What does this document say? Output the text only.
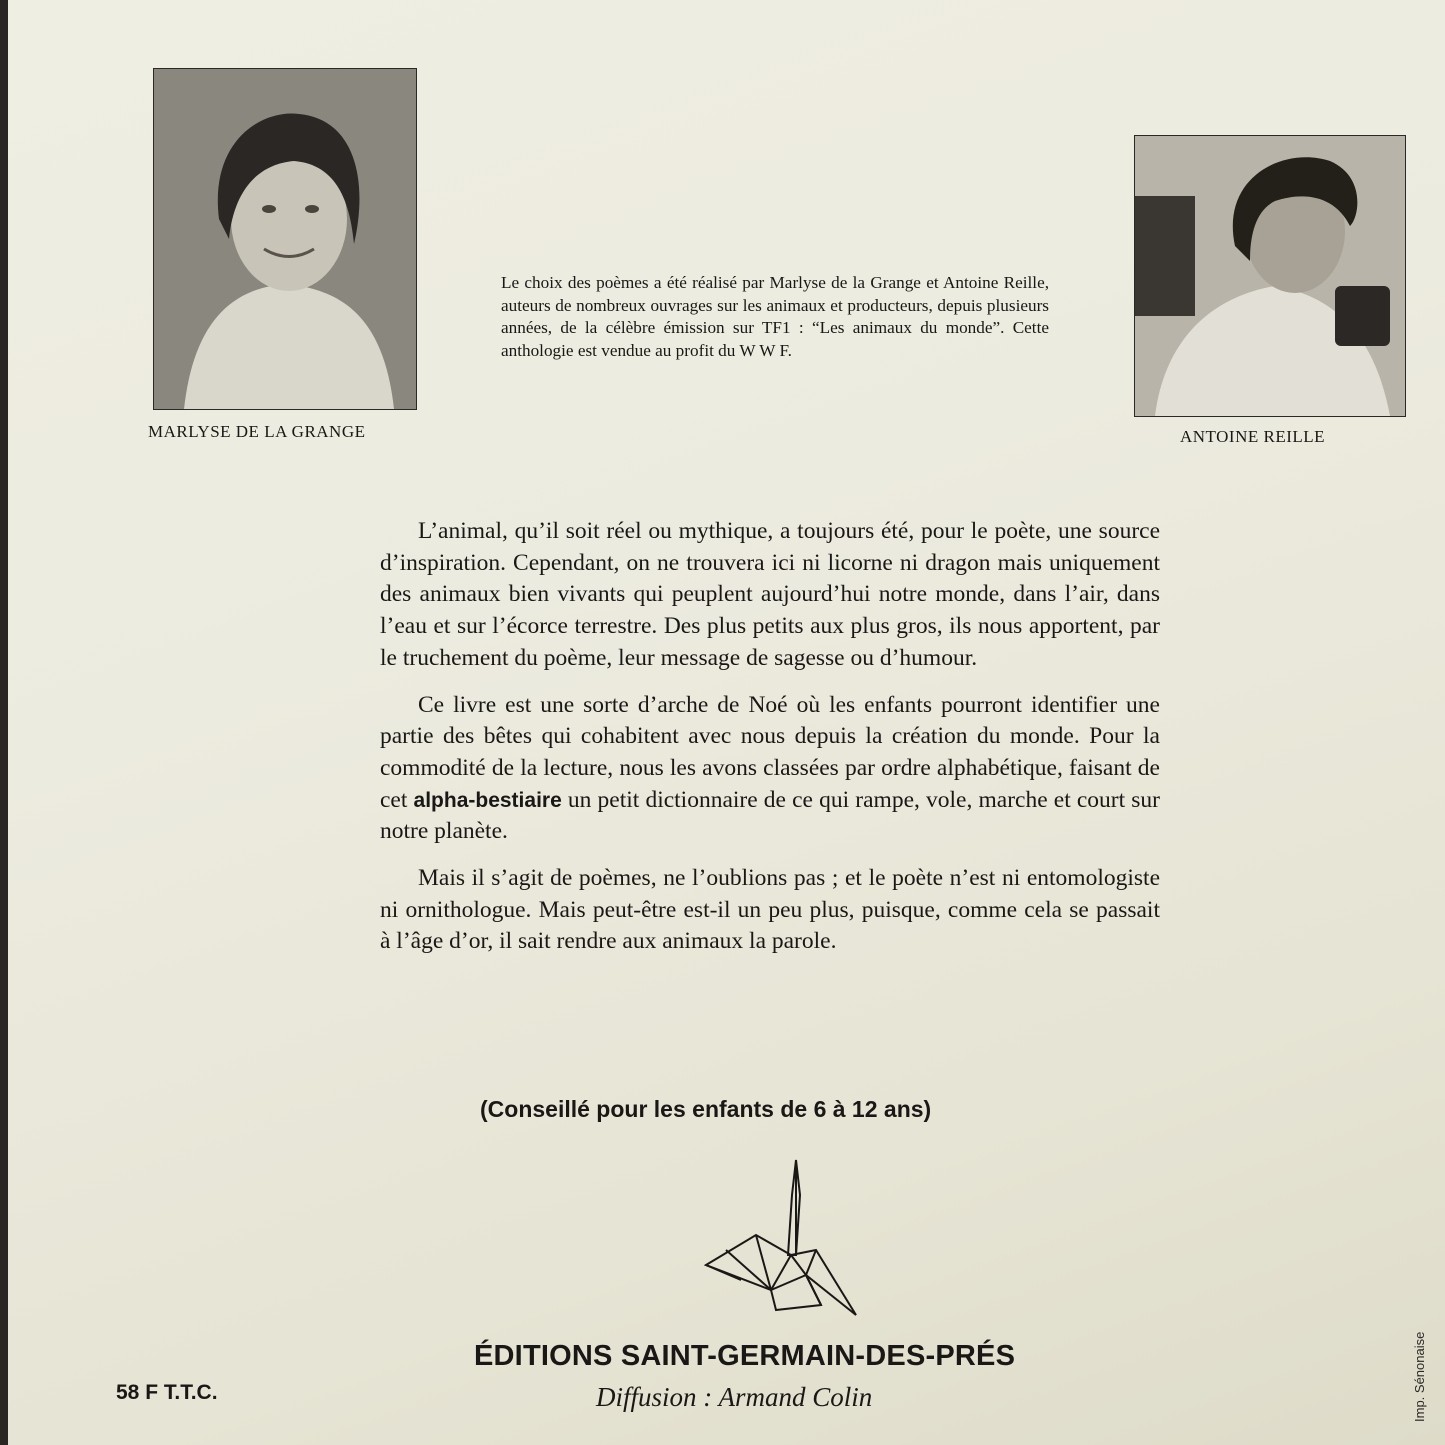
MARLYSE DE LA GRANGE
Le choix des poèmes a été réalisé par Marlyse de la Grange et Antoine Reille, auteurs de nombreux ouvrages sur les animaux et producteurs, depuis plusieurs années, de la célèbre émission sur TF1 : “Les animaux du monde”. Cette anthologie est vendue au profit du W W F.
ANTOINE REILLE

L’animal, qu’il soit réel ou mythique, a toujours été, pour le poète, une source d’inspiration. Cependant, on ne trouvera ici ni licorne ni dragon mais uniquement des animaux bien vivants qui peuplent aujourd’hui notre monde, dans l’air, dans l’eau et sur l’écorce terrestre. Des plus petits aux plus gros, ils nous apportent, par le truchement du poème, leur message de sagesse ou d’humour.

Ce livre est une sorte d’arche de Noé où les enfants pourront identifier une partie des bêtes qui cohabitent avec nous depuis la création du monde. Pour la commodité de la lecture, nous les avons classées par ordre alphabétique, faisant de cet alpha-bestiaire un petit dictionnaire de ce qui rampe, vole, marche et court sur notre planète.

Mais il s’agit de poèmes, ne l’oublions pas ; et le poète n’est ni entomologiste ni ornithologue. Mais peut-être est-il un peu plus, puisque, comme cela se passait à l’âge d’or, il sait rendre aux animaux la parole.

(Conseillé pour les enfants de 6 à 12 ans)
ÉDITIONS SAINT-GERMAIN-DES-PRÉS
Diffusion : Armand Colin
58 F T.T.C.	Imp. Sénonaise
